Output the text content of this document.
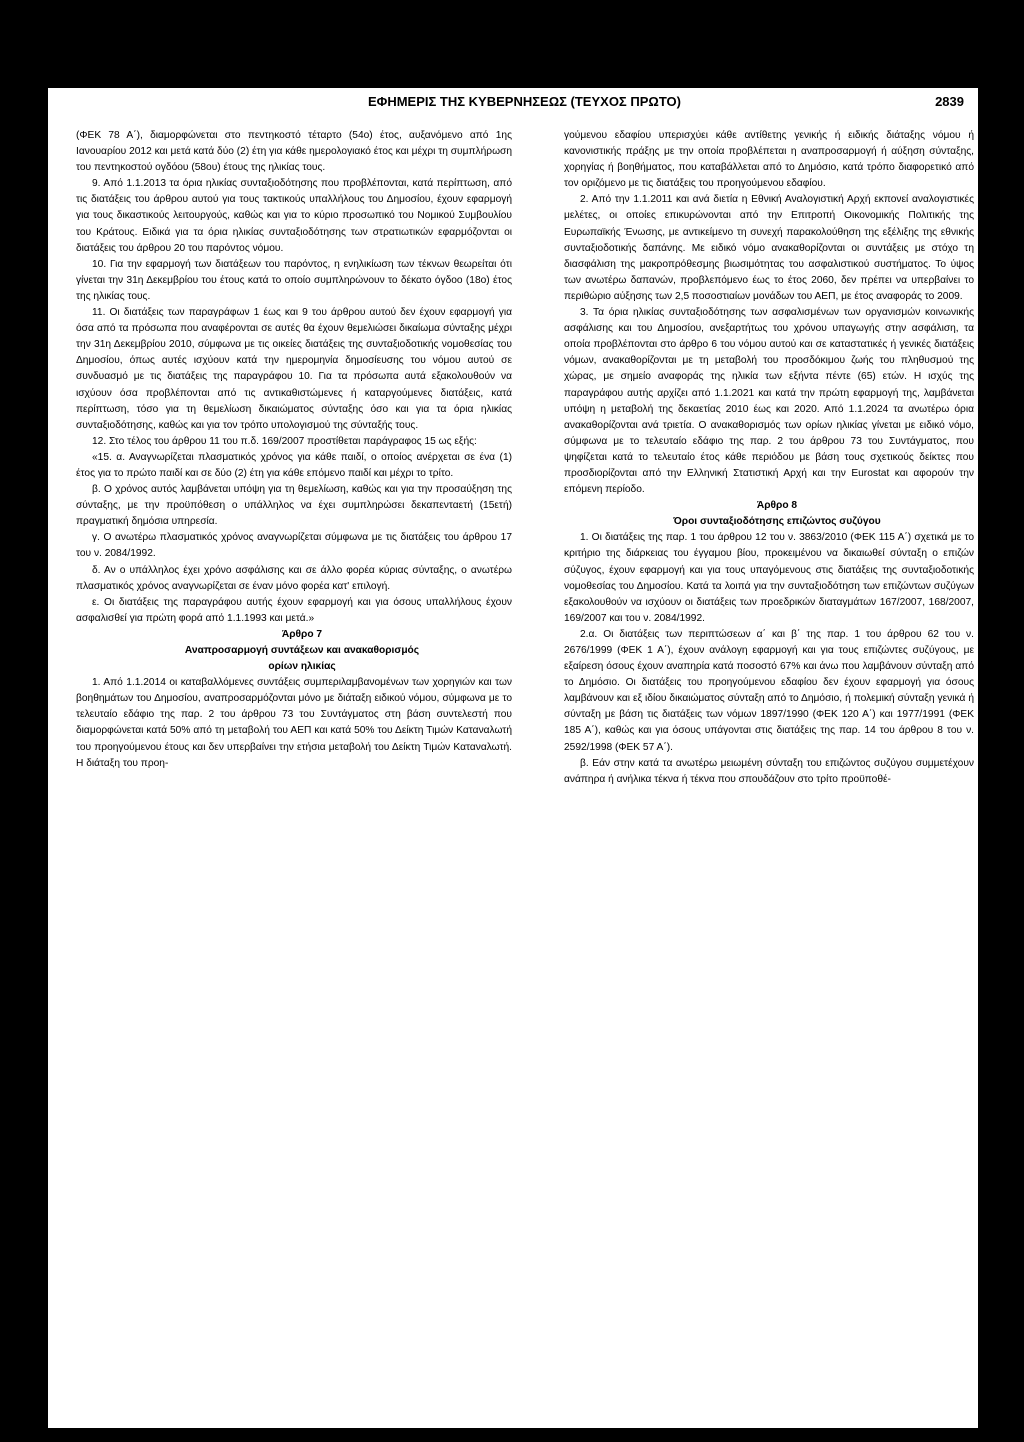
ΕΦΗΜΕΡΙΣ ΤΗΣ ΚΥΒΕΡΝΗΣΕΩΣ (ΤΕΥΧΟΣ ΠΡΩΤΟ)	2839

(ΦΕΚ 78 Α΄), διαμορφώνεται στο πεντηκοστό τέταρτο (54ο) έτος, αυξανόμενο από 1ης Ιανουαρίου 2012 και μετά κατά δύο (2) έτη για κάθε ημερολογιακό έτος και μέχρι τη συμπλήρωση του πεντηκοστού ογδόου (58ου) έτους της ηλικίας τους.

9. Από 1.1.2013 τα όρια ηλικίας συνταξιοδότησης που προβλέπονται, κατά περίπτωση, από τις διατάξεις του άρθρου αυτού για τους τακτικούς υπαλλήλους του Δημοσίου, έχουν εφαρμογή για τους δικαστικούς λειτουργούς, καθώς και για το κύριο προσωπικό του Νομικού Συμβουλίου του Κράτους. Ειδικά για τα όρια ηλικίας συνταξιοδότησης των στρατιωτικών εφαρμόζονται οι διατάξεις του άρθρου 20 του παρόντος νόμου.

10. Για την εφαρμογή των διατάξεων του παρόντος, η ενηλικίωση των τέκνων θεωρείται ότι γίνεται την 31η Δεκεμβρίου του έτους κατά το οποίο συμπληρώνουν το δέκατο όγδοο (18ο) έτος της ηλικίας τους.

11. Οι διατάξεις των παραγράφων 1 έως και 9 του άρθρου αυτού δεν έχουν εφαρμογή για όσα από τα πρόσωπα που αναφέρονται σε αυτές θα έχουν θεμελιώσει δικαίωμα σύνταξης μέχρι την 31η Δεκεμβρίου 2010, σύμφωνα με τις οικείες διατάξεις της συνταξιοδοτικής νομοθεσίας του Δημοσίου, όπως αυτές ισχύουν κατά την ημερομηνία δημοσίευσης του νόμου αυτού σε συνδυασμό με τις διατάξεις της παραγράφου 10. Για τα πρόσωπα αυτά εξακολουθούν να ισχύουν όσα προβλέπονται από τις αντικαθιστώμενες ή καταργούμενες διατάξεις, κατά περίπτωση, τόσο για τη θεμελίωση δικαιώματος σύνταξης όσο και για τα όρια ηλικίας συνταξιοδότησης, καθώς και για τον τρόπο υπολογισμού της σύνταξής τους.

12. Στο τέλος του άρθρου 11 του π.δ. 169/2007 προστίθεται παράγραφος 15 ως εξής:

«15. α. Αναγνωρίζεται πλασματικός χρόνος για κάθε παιδί, ο οποίος ανέρχεται σε ένα (1) έτος για το πρώτο παιδί και σε δύο (2) έτη για κάθε επόμενο παιδί και μέχρι το τρίτο.

β. Ο χρόνος αυτός λαμβάνεται υπόψη για τη θεμελίωση, καθώς και για την προσαύξηση της σύνταξης, με την προϋπόθεση ο υπάλληλος να έχει συμπληρώσει δεκαπενταετή (15ετή) πραγματική δημόσια υπηρεσία.

γ. Ο ανωτέρω πλασματικός χρόνος αναγνωρίζεται σύμφωνα με τις διατάξεις του άρθρου 17 του ν. 2084/1992.

δ. Αν ο υπάλληλος έχει χρόνο ασφάλισης και σε άλλο φορέα κύριας σύνταξης, ο ανωτέρω πλασματικός χρόνος αναγνωρίζεται σε έναν μόνο φορέα κατ' επιλογή.

ε. Οι διατάξεις της παραγράφου αυτής έχουν εφαρμογή και για όσους υπαλλήλους έχουν ασφαλισθεί για πρώτη φορά από 1.1.1993 και μετά.»

Άρθρο 7

Αναπροσαρμογή συντάξεων και ανακαθορισμός

ορίων ηλικίας

1. Από 1.1.2014 οι καταβαλλόμενες συντάξεις συμπεριλαμβανομένων των χορηγιών και των βοηθημάτων του Δημοσίου, αναπροσαρμόζονται μόνο με διάταξη ειδικού νόμου, σύμφωνα με το τελευταίο εδάφιο της παρ. 2 του άρθρου 73 του Συντάγματος στη βάση συντελεστή που διαμορφώνεται κατά 50% από τη μεταβολή του ΑΕΠ και κατά 50% του Δείκτη Τιμών Καταναλωτή του προηγούμενου έτους και δεν υπερβαίνει την ετήσια μεταβολή του Δείκτη Τιμών Καταναλωτή. Η διάταξη του προη-

γούμενου εδαφίου υπερισχύει κάθε αντίθετης γενικής ή ειδικής διάταξης νόμου ή κανονιστικής πράξης με την οποία προβλέπεται η αναπροσαρμογή ή αύξηση σύνταξης, χορηγίας ή βοηθήματος, που καταβάλλεται από το Δημόσιο, κατά τρόπο διαφορετικό από τον οριζόμενο με τις διατάξεις του προηγούμενου εδαφίου.

2. Από την 1.1.2011 και ανά διετία η Εθνική Αναλογιστική Αρχή εκπονεί αναλογιστικές μελέτες, οι οποίες επικυρώνονται από την Επιτροπή Οικονομικής Πολιτικής της Ευρωπαϊκής Ένωσης, με αντικείμενο τη συνεχή παρακολούθηση της εξέλιξης της εθνικής συνταξιοδοτικής δαπάνης. Με ειδικό νόμο ανακαθορίζονται οι συντάξεις με στόχο τη διασφάλιση της μακροπρόθεσμης βιωσιμότητας του ασφαλιστικού συστήματος. Το ύψος των ανωτέρω δαπανών, προβλεπόμενο έως το έτος 2060, δεν πρέπει να υπερβαίνει το περιθώριο αύξησης των 2,5 ποσοστιαίων μονάδων του ΑΕΠ, με έτος αναφοράς το 2009.

3. Τα όρια ηλικίας συνταξιοδότησης των ασφαλισμένων των οργανισμών κοινωνικής ασφάλισης και του Δημοσίου, ανεξαρτήτως του χρόνου υπαγωγής στην ασφάλιση, τα οποία προβλέπονται στο άρθρο 6 του νόμου αυτού και σε καταστατικές ή γενικές διατάξεις νόμων, ανακαθορίζονται με τη μεταβολή του προσδόκιμου ζωής του πληθυσμού της χώρας, με σημείο αναφοράς της ηλικία των εξήντα πέντε (65) ετών. Η ισχύς της παραγράφου αυτής αρχίζει από 1.1.2021 και κατά την πρώτη εφαρμογή της, λαμβάνεται υπόψη η μεταβολή της δεκαετίας 2010 έως και 2020. Από 1.1.2024 τα ανωτέρω όρια ανακαθορίζονται ανά τριετία. Ο ανακαθορισμός των ορίων ηλικίας γίνεται με ειδικό νόμο, σύμφωνα με το τελευταίο εδάφιο της παρ. 2 του άρθρου 73 του Συντάγματος, που ψηφίζεται κατά το τελευταίο έτος κάθε περιόδου με βάση τους σχετικούς δείκτες που προσδιορίζονται από την Ελληνική Στατιστική Αρχή και την Eurostat και αφορούν την επόμενη περίοδο.

Άρθρο 8

Όροι συνταξιοδότησης επιζώντος συζύγου

1. Οι διατάξεις της παρ. 1 του άρθρου 12 του ν. 3863/2010 (ΦΕΚ 115 Α΄) σχετικά με το κριτήριο της διάρκειας του έγγαμου βίου, προκειμένου να δικαιωθεί σύνταξη ο επιζών σύζυγος, έχουν εφαρμογή και για τους υπαγόμενους στις διατάξεις της συνταξιοδοτικής νομοθεσίας του Δημοσίου. Κατά τα λοιπά για την συνταξιοδότηση των επιζώντων συζύγων εξακολουθούν να ισχύουν οι διατάξεις των προεδρικών διαταγμάτων 167/2007, 168/2007, 169/2007 και του ν. 2084/1992.

2.α. Οι διατάξεις των περιπτώσεων α΄ και β΄ της παρ. 1 του άρθρου 62 του ν. 2676/1999 (ΦΕΚ 1 Α΄), έχουν ανάλογη εφαρμογή και για τους επιζώντες συζύγους, με εξαίρεση όσους έχουν αναπηρία κατά ποσοστό 67% και άνω που λαμβάνουν σύνταξη από το Δημόσιο. Οι διατάξεις του προηγούμενου εδαφίου δεν έχουν εφαρμογή για όσους λαμβάνουν και εξ ιδίου δικαιώματος σύνταξη από το Δημόσιο, ή πολεμική σύνταξη γενικά ή σύνταξη με βάση τις διατάξεις των νόμων 1897/1990 (ΦΕΚ 120 Α΄) και 1977/1991 (ΦΕΚ 185 Α΄), καθώς και για όσους υπάγονται στις διατάξεις της παρ. 14 του άρθρου 8 του ν. 2592/1998 (ΦΕΚ 57 Α΄).

β. Εάν στην κατά τα ανωτέρω μειωμένη σύνταξη του επιζώντος συζύγου συμμετέχουν ανάπηρα ή ανήλικα τέκνα ή τέκνα που σπουδάζουν στο τρίτο προϋποθέ-
